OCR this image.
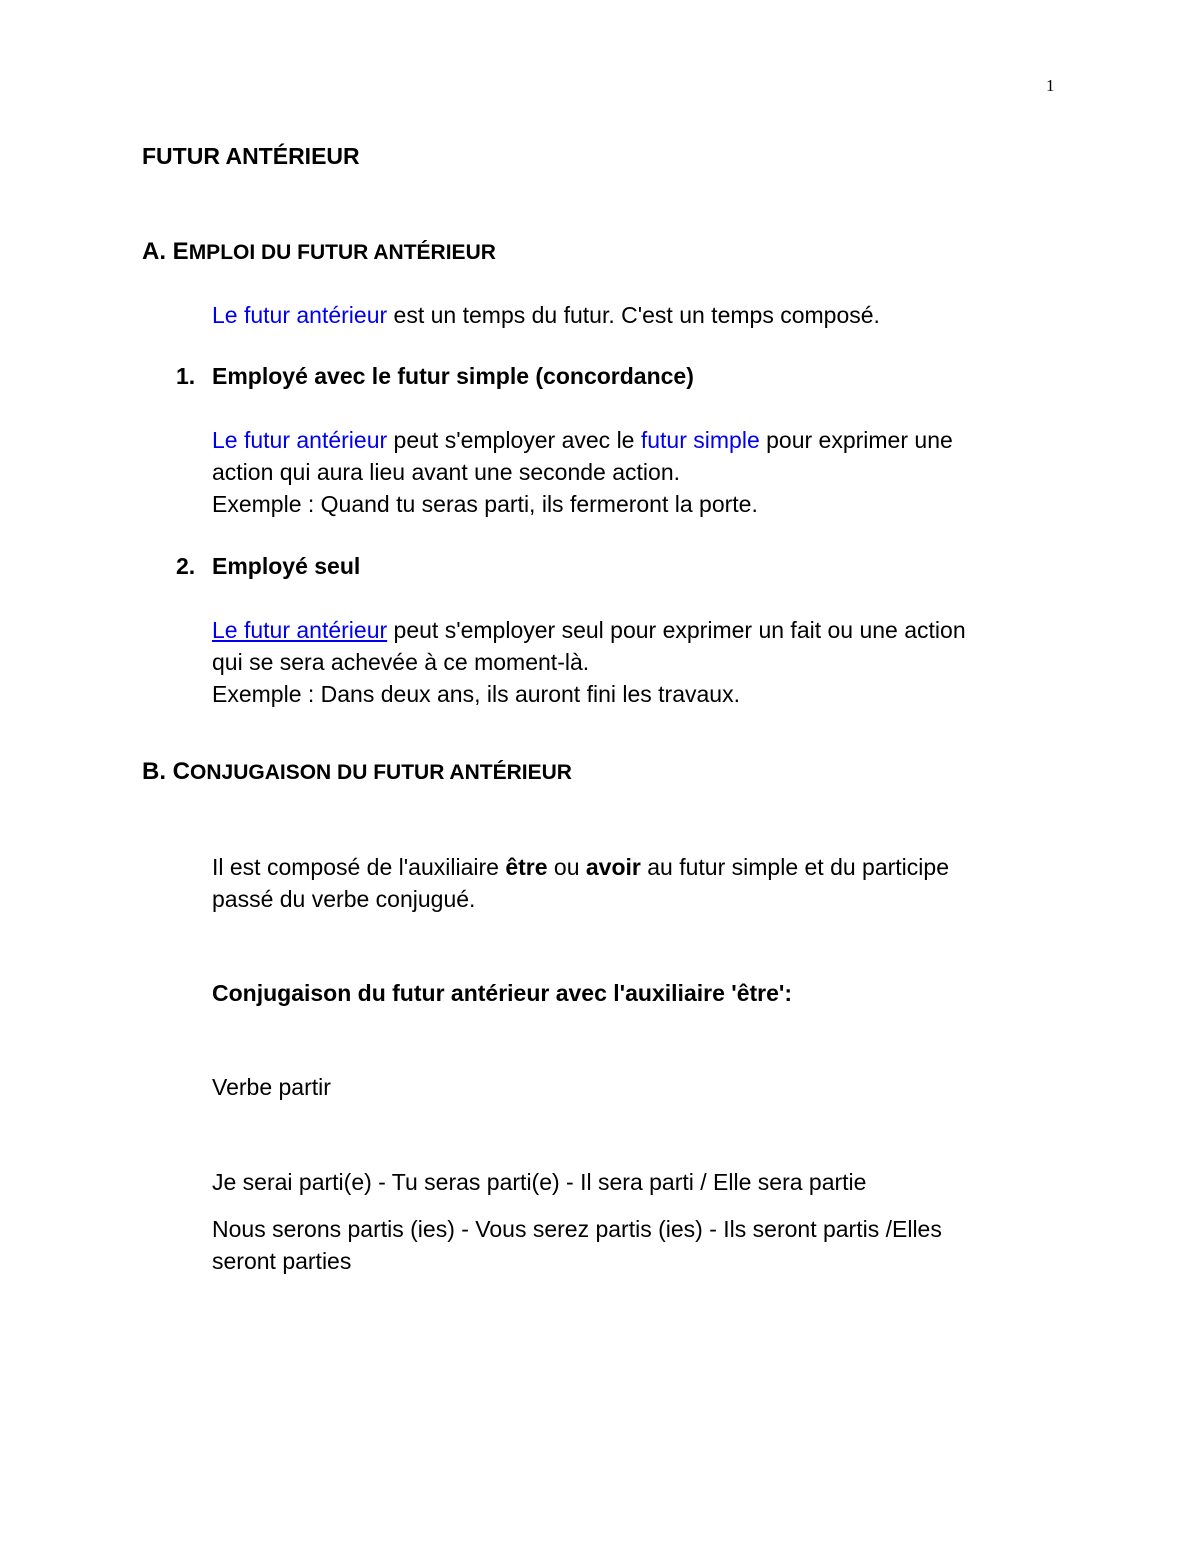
1
FUTUR ANTÉRIEUR
A. EMPLOI DU FUTUR ANTÉRIEUR
Le futur antérieur est un temps du futur. C'est un temps composé.
1. Employé avec le futur simple (concordance)
Le futur antérieur peut s'employer avec le futur simple pour exprimer une
action qui aura lieu avant une seconde action.
Exemple : Quand tu seras parti, ils fermeront la porte.
2. Employé seul
Le futur antérieur peut s'employer seul pour exprimer un fait ou une action
qui se sera achevée à ce moment-là.
Exemple : Dans deux ans, ils auront fini les travaux.
B. CONJUGAISON DU FUTUR ANTÉRIEUR
Il est composé de l'auxiliaire être ou avoir au futur simple et du participe
passé du verbe conjugué.
Conjugaison du futur antérieur avec l'auxiliaire 'être':
Verbe partir
Je serai parti(e) - Tu seras parti(e) - Il sera parti / Elle sera partie
Nous serons partis (ies) - Vous serez partis (ies) - Ils seront partis /Elles
seront parties
